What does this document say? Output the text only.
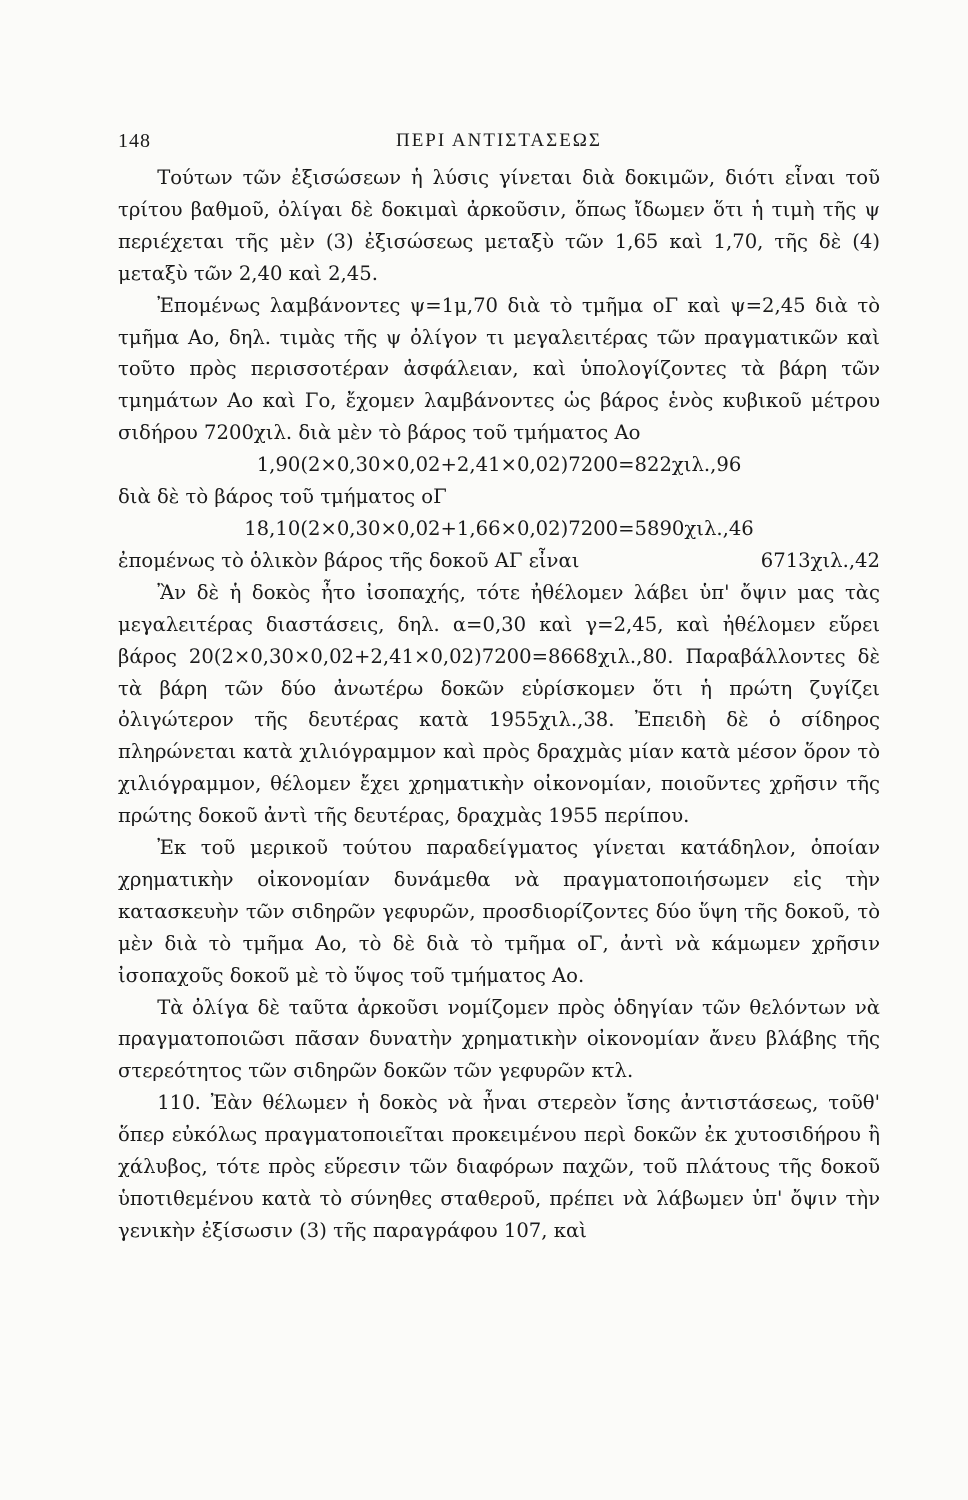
148	ΠΕΡΙ ΑΝΤΙΣΤΑΣΕΩΣ

Τούτων τῶν ἐξισώσεων ἡ λύσις γίνεται διὰ δοκιμῶν, διότι εἶναι τοῦ τρίτου βαθμοῦ, ὀλίγαι δὲ δοκιμαὶ ἀρκοῦσιν, ὅπως ἴδωμεν ὅτι ἡ τιμὴ τῆς ψ περιέχεται τῆς μὲν (3) ἐξισώσεως μεταξὺ τῶν 1,65 καὶ 1,70, τῆς δὲ (4) μεταξὺ τῶν 2,40 καὶ 2,45.

Ἐπομένως λαμβάνοντες ψ=1μ,70 διὰ τὸ τμῆμα οΓ καὶ ψ=2,45 διὰ τὸ τμῆμα Αο, δηλ. τιμὰς τῆς ψ ὀλίγον τι μεγαλειτέρας τῶν πραγματικῶν καὶ τοῦτο πρὸς περισσοτέραν ἀσφάλειαν, καὶ ὑπολογίζοντες τὰ βάρη τῶν τμημάτων Αο καὶ Γο, ἔχομεν λαμβάνοντες ὡς βάρος ἑνὸς κυβικοῦ μέτρου σιδήρου 7200χιλ. διὰ μὲν τὸ βάρος τοῦ τμήματος Αο

1,90(2×0,30×0,02+2,41×0,02)7200=822χιλ.,96

διὰ δὲ τὸ βάρος τοῦ τμήματος οΓ

18,10(2×0,30×0,02+1,66×0,02)7200=5890χιλ.,46

ἐπομένως τὸ ὁλικὸν βάρος τῆς δοκοῦ ΑΓ εἶναι	6713χιλ.,42

Ἂν δὲ ἡ δοκὸς ἦτο ἰσοπαχής, τότε ἠθέλομεν λάβει ὑπ' ὄψιν μας τὰς μεγαλειτέρας διαστάσεις, δηλ. α=0,30 καὶ γ=2,45, καὶ ἠθέλομεν εὕρει βάρος 20(2×0,30×0,02+2,41×0,02)7200=8668χιλ.,80. Παραβάλλοντες δὲ τὰ βάρη τῶν δύο ἀνωτέρω δοκῶν εὑρίσκομεν ὅτι ἡ πρώτη ζυγίζει ὀλιγώτερον τῆς δευτέρας κατὰ 1955χιλ.,38. Ἐπειδὴ δὲ ὁ σίδηρος πληρώνεται κατὰ χιλιόγραμμον καὶ πρὸς δραχμὰς μίαν κατὰ μέσον ὅρον τὸ χιλιόγραμμον, θέλομεν ἔχει χρηματικὴν οἰκονομίαν, ποιοῦντες χρῆσιν τῆς πρώτης δοκοῦ ἀντὶ τῆς δευτέρας, δραχμὰς 1955 περίπου.

Ἐκ τοῦ μερικοῦ τούτου παραδείγματος γίνεται κατάδηλον, ὁποίαν χρηματικὴν οἰκονομίαν δυνάμεθα νὰ πραγματοποιήσωμεν εἰς τὴν κατασκευὴν τῶν σιδηρῶν γεφυρῶν, προσδιορίζοντες δύο ὕψη τῆς δοκοῦ, τὸ μὲν διὰ τὸ τμῆμα Αο, τὸ δὲ διὰ τὸ τμῆμα οΓ, ἀντὶ νὰ κάμωμεν χρῆσιν ἰσοπαχοῦς δοκοῦ μὲ τὸ ὕψος τοῦ τμήματος Αο.

Τὰ ὀλίγα δὲ ταῦτα ἀρκοῦσι νομίζομεν πρὸς ὁδηγίαν τῶν θελόντων νὰ πραγματοποιῶσι πᾶσαν δυνατὴν χρηματικὴν οἰκονομίαν ἄνευ βλάβης τῆς στερεότητος τῶν σιδηρῶν δοκῶν τῶν γεφυρῶν κτλ.

110. Ἐὰν θέλωμεν ἡ δοκὸς νὰ ἦναι στερεὸν ἴσης ἀντιστάσεως, τοῦθ' ὅπερ εὐκόλως πραγματοποιεῖται προκειμένου περὶ δοκῶν ἐκ χυτοσιδήρου ἢ χάλυβος, τότε πρὸς εὕρεσιν τῶν διαφόρων παχῶν, τοῦ πλάτους τῆς δοκοῦ ὑποτιθεμένου κατὰ τὸ σύνηθες σταθεροῦ, πρέπει νὰ λάβωμεν ὑπ' ὄψιν τὴν γενικὴν ἐξίσωσιν (3) τῆς παραγράφου 107, καὶ
